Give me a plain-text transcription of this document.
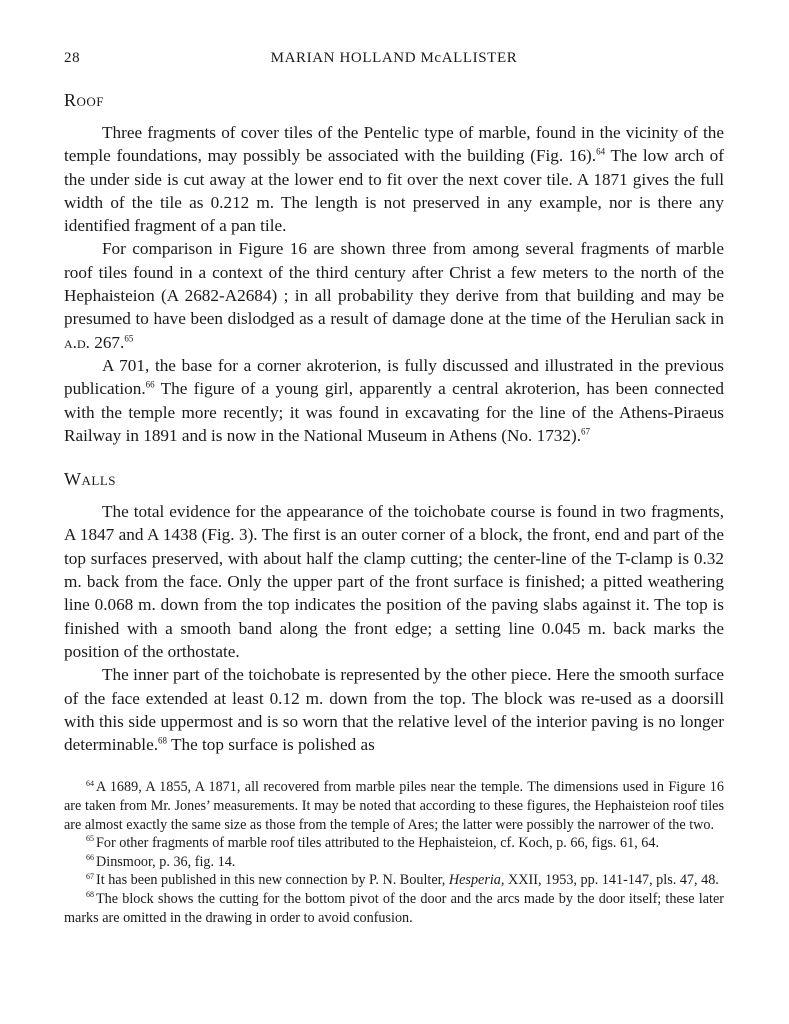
28	MARIAN HOLLAND McALLISTER
Roof

Three fragments of cover tiles of the Pentelic type of marble, found in the vicinity of the temple foundations, may possibly be associated with the building (Fig. 16).$^{64}$ The low arch of the under side is cut away at the lower end to fit over the next cover tile. A 1871 gives the full width of the tile as 0.212 m. The length is not preserved in any example, nor is there any identified fragment of a pan tile.

For comparison in Figure 16 are shown three from among several fragments of marble roof tiles found in a context of the third century after Christ a few meters to the north of the Hephaisteion (A 2682-A2684) ; in all probability they derive from that building and may be presumed to have been dislodged as a result of damage done at the time of the Herulian sack in a.d. 267.65

A 701, the base for a corner akroterion, is fully discussed and illustrated in the previous publication.$^{66}$ The figure of a young girl, apparently a central akroterion, has been connected with the temple more recently; it was found in excavating for the line of the Athens-Piraeus Railway in 1891 and is now in the National Museum in Athens (No. 1732).$^{67}$

Walls

The total evidence for the appearance of the toichobate course is found in two fragments, A 1847 and A 1438 (Fig. 3). The first is an outer corner of a block, the front, end and part of the top surfaces preserved, with about half the clamp cutting; the center-line of the T-clamp is 0.32 m. back from the face. Only the upper part of the front surface is finished; a pitted weathering line 0.068 m. down from the top indicates the position of the paving slabs against it. The top is finished with a smooth band along the front edge; a setting line 0.045 m. back marks the position of the orthostate.

The inner part of the toichobate is represented by the other piece. Here the smooth surface of the face extended at least 0.12 m. down from the top. The block was re-used as a doorsill with this side uppermost and is so worn that the relative level of the interior paving is no longer determinable.$^{68}$ The top surface is polished as

$^{64}$ A 1689, A 1855, A 1871, all recovered from marble piles near the temple. The dimensions used in Figure 16 are taken from Mr. Jones’ measurements. It may be noted that according to these figures, the Hephaisteion roof tiles are almost exactly the same size as those from the temple of Ares; the latter were possibly the narrower of the two.

$^{65}$ For other fragments of marble roof tiles attributed to the Hephaisteion, cf. Koch, p. 66, figs. 61, 64.

$^{66}$ Dinsmoor, p. 36, fig. 14.

$^{67}$ It has been published in this new connection by P. N. Boulter, Hesperia, XXII, 1953, pp. 141-147, pls. 47, 48.

$^{68}$ The block shows the cutting for the bottom pivot of the door and the arcs made by the door itself; these later marks are omitted in the drawing in order to avoid confusion.
